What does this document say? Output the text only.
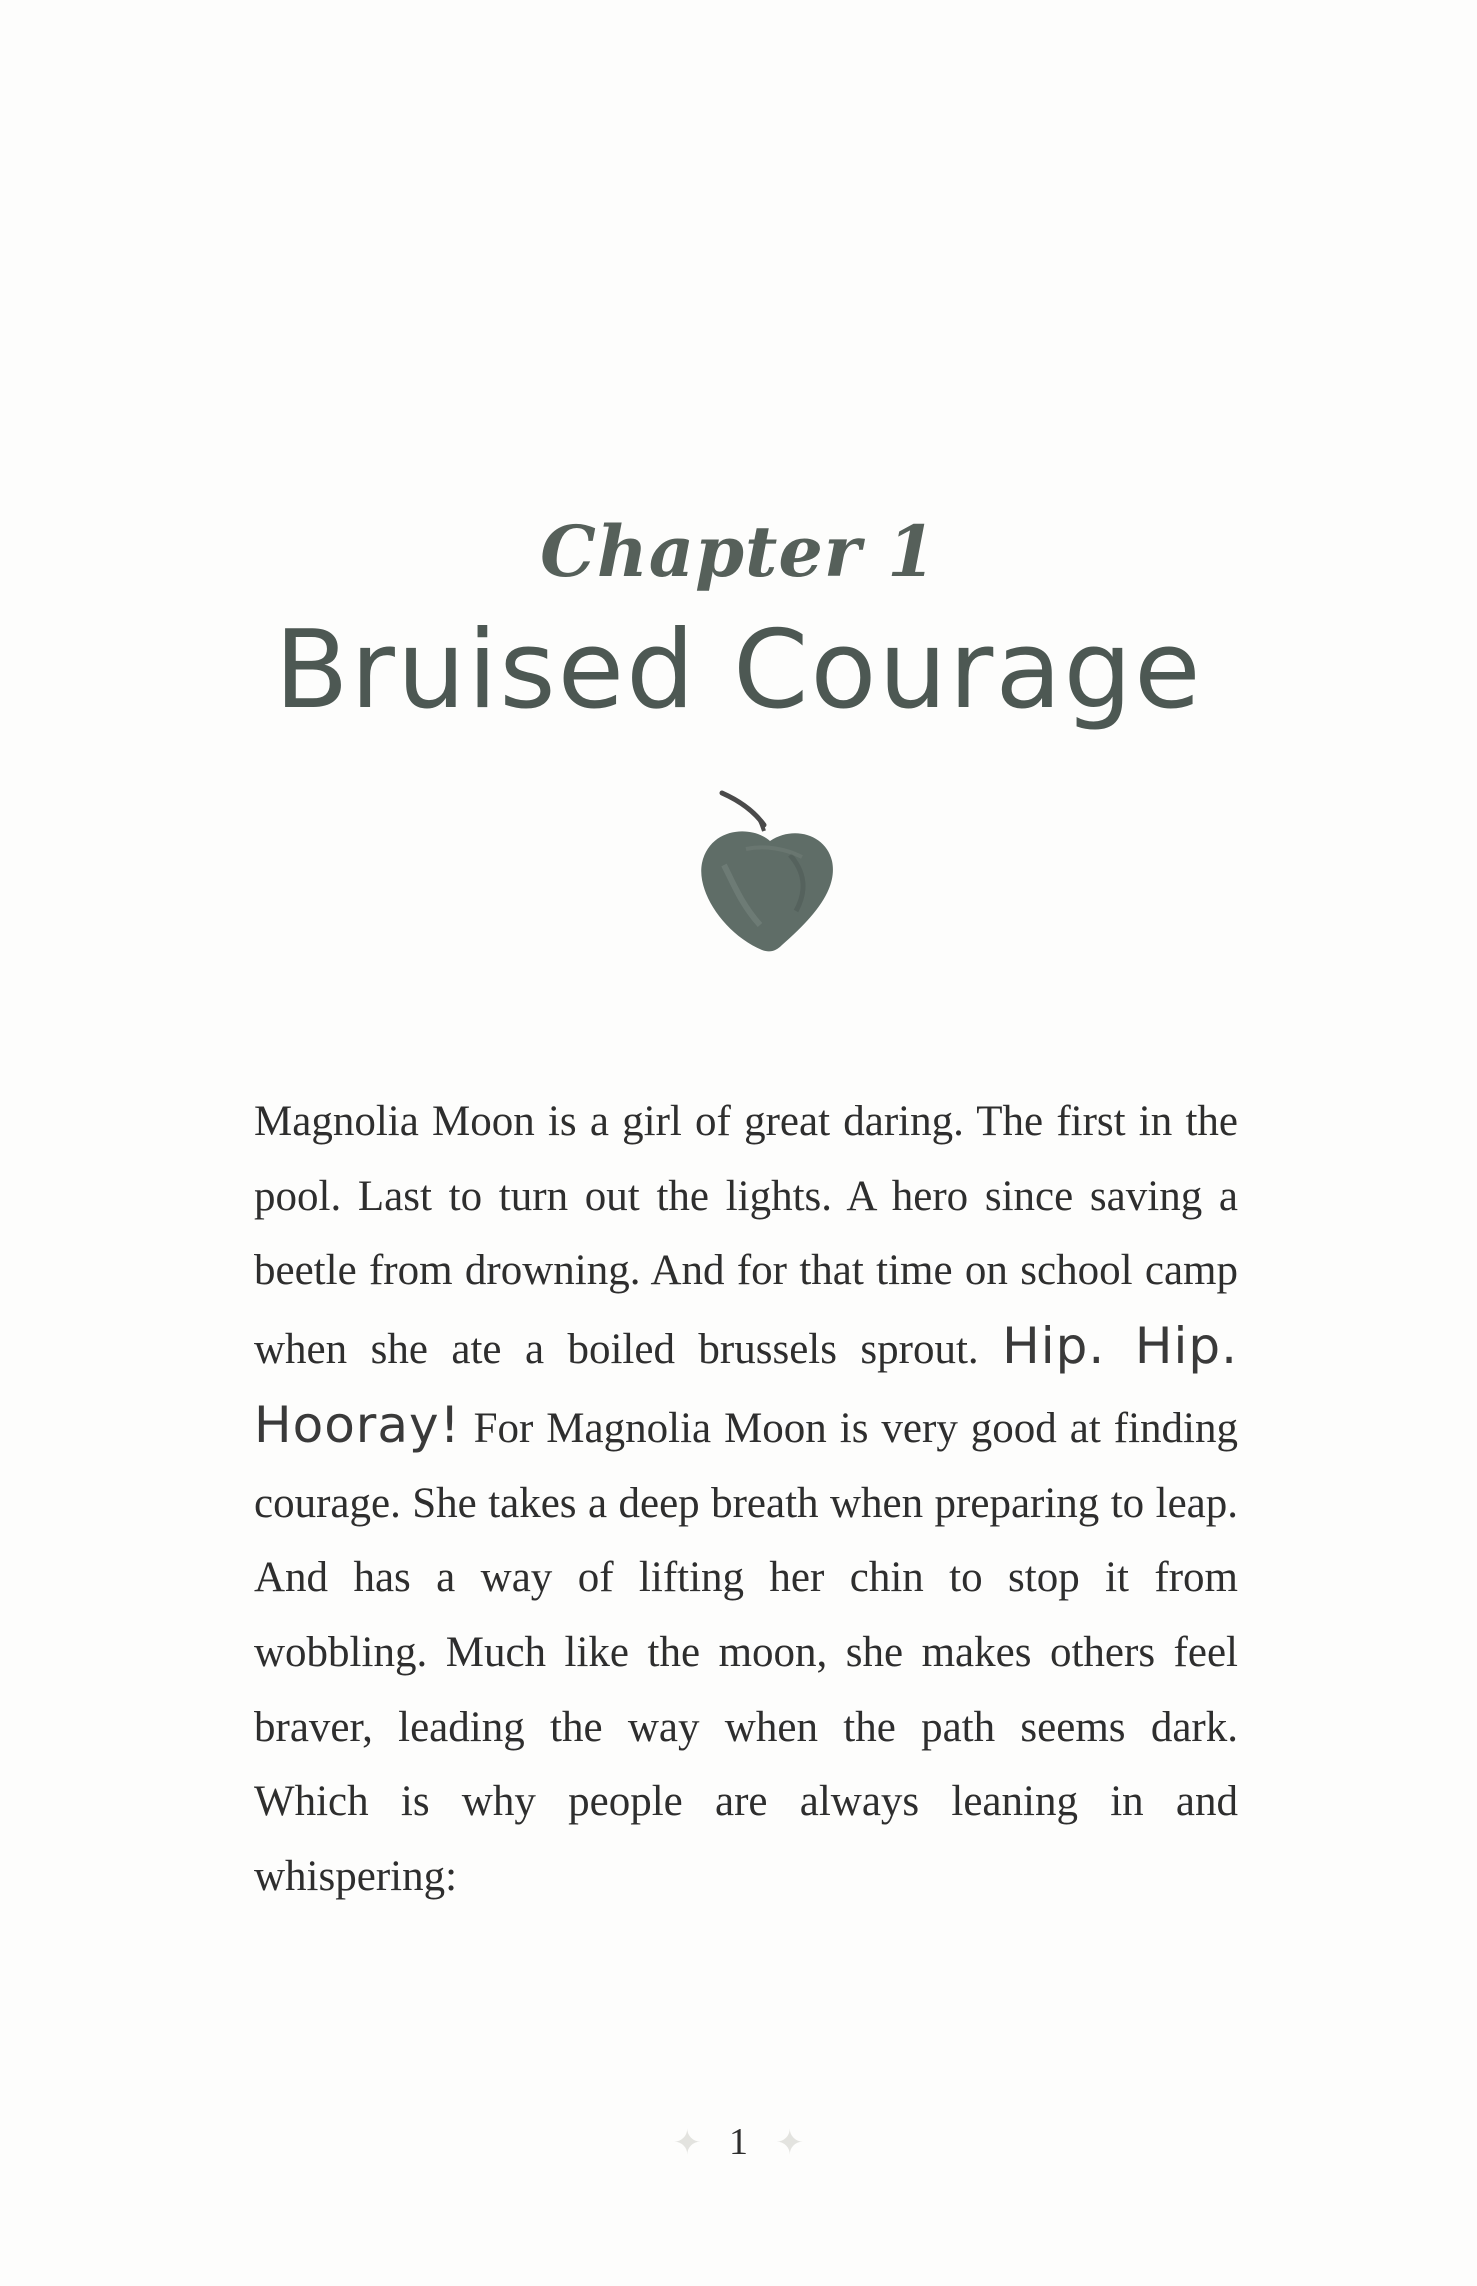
Chapter 1
Bruised Courage
Magnolia Moon is a girl of great daring. The first in the pool. Last to turn out the lights. A hero since saving a beetle from drowning. And for that time on school camp when she ate a boiled brussels sprout. Hip. Hip. Hooray! For Magnolia Moon is very good at finding courage. She takes a deep breath when preparing to leap. And has a way of lifting her chin to stop it from wobbling. Much like the moon, she makes others feel braver, leading the way when the path seems dark. Which is why people are always leaning in and whispering:
✦ 1 ✦
